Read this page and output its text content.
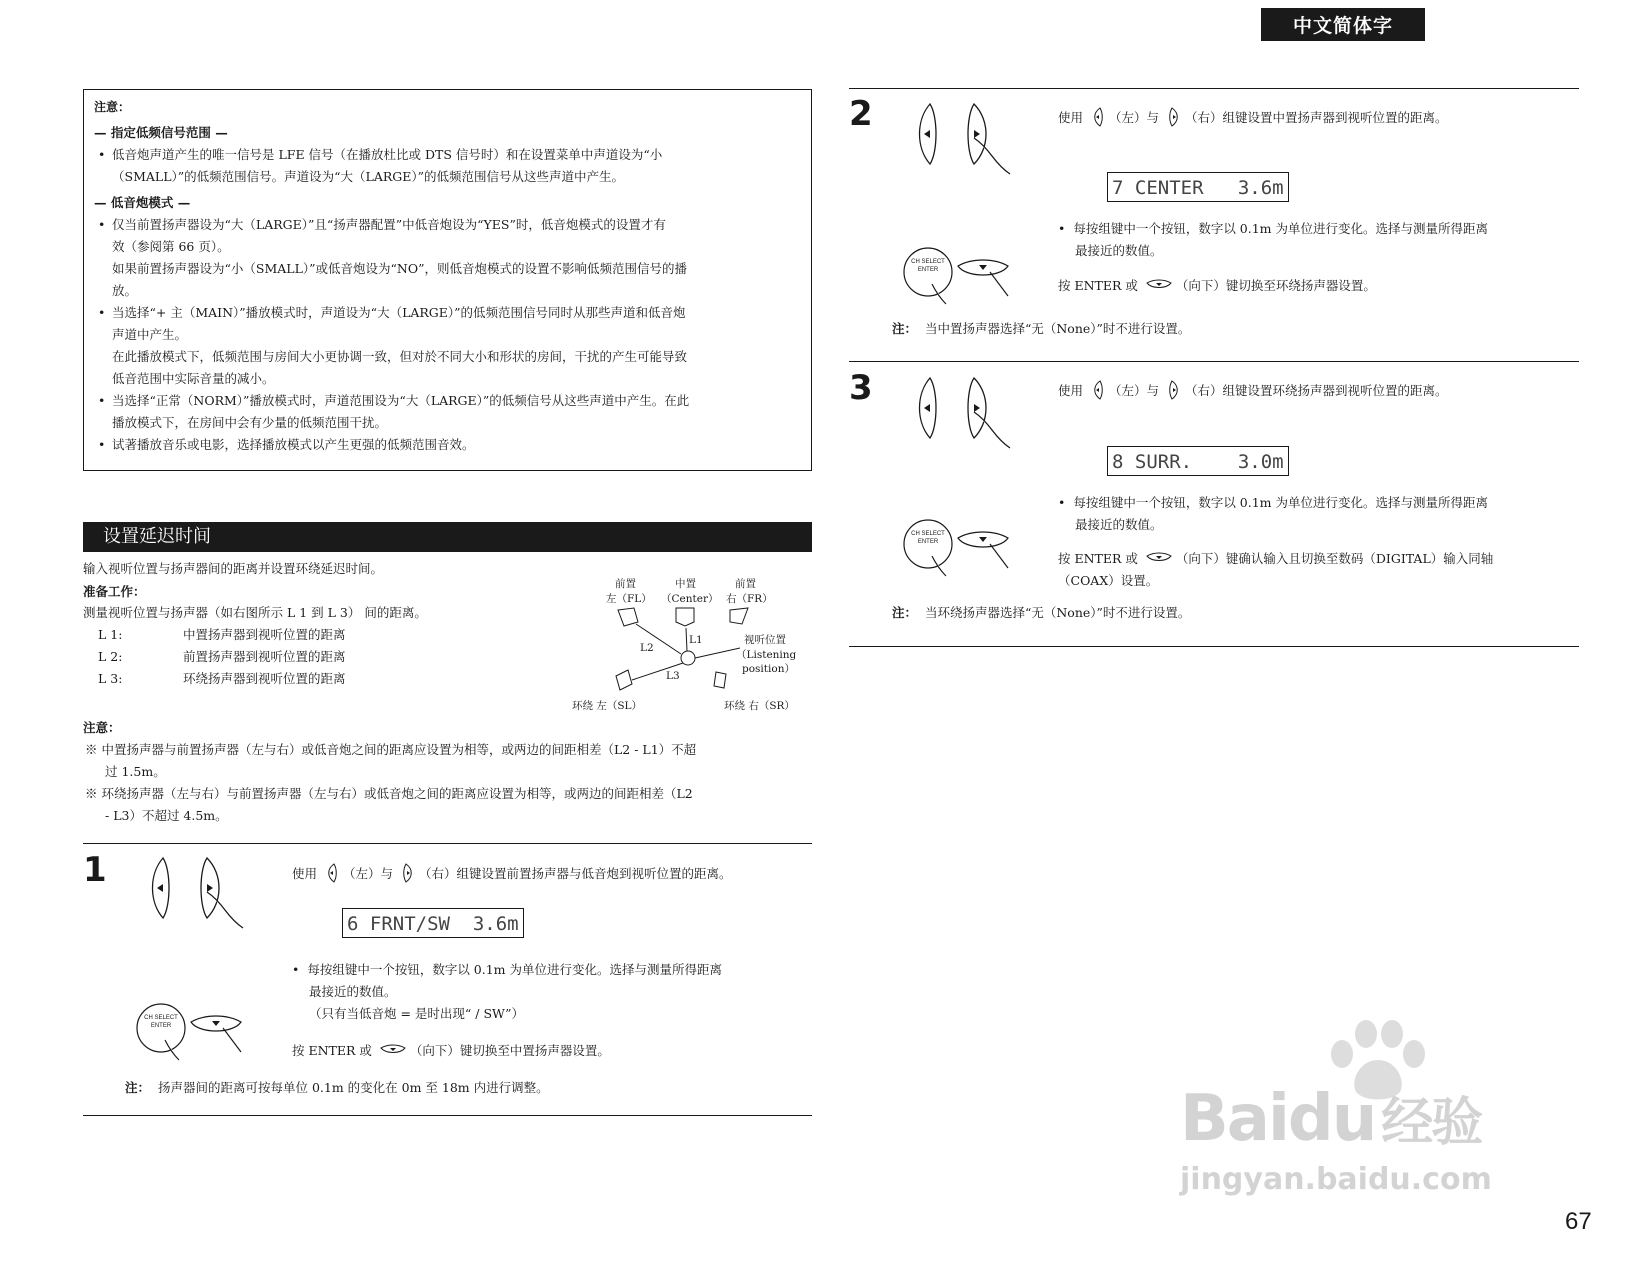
中文简体字
注意：
— 指定低频信号范围 —
• 低音炮声道产生的唯一信号是 LFE 信号（在播放杜比或 DTS 信号时）和在设置菜单中声道设为“小
（SMALL）”的低频范围信号。声道设为“大（LARGE）”的低频范围信号从这些声道中产生。
— 低音炮模式 —
• 仅当前置扬声器设为“大（LARGE）”且“扬声器配置”中低音炮设为“YES”时，低音炮模式的设置才有
效（参阅第 66 页）。
如果前置扬声器设为“小（SMALL）”或低音炮设为“NO”，则低音炮模式的设置不影响低频范围信号的播
放。
• 当选择“+ 主（MAIN）”播放模式时，声道设为“大（LARGE）”的低频范围信号同时从那些声道和低音炮
声道中产生。
在此播放模式下，低频范围与房间大小更协调一致，但对於不同大小和形状的房间，干扰的产生可能导致
低音范围中实际音量的减小。
• 当选择“正常（NORM）”播放模式时，声道范围设为“大（LARGE）”的低频信号从这些声道中产生。在此
播放模式下，在房间中会有少量的低频范围干扰。
• 试著播放音乐或电影，选择播放模式以产生更强的低频范围音效。
设置延迟时间
输入视听位置与扬声器间的距离并设置环绕延迟时间。
准备工作：
测量视听位置与扬声器（如右图所示 L 1 到 L 3） 间的距离。
L 1:	中置扬声器到视听位置的距离
L 2:	前置扬声器到视听位置的距离
L 3:	环绕扬声器到视听位置的距离
前置	中置	前置
左（FL） （Center） 右（FR）
视听位置
（Listening
position）
环绕 左（SL）	环绕 右（SR）
L2
L1
L3
注意：
※ 中置扬声器与前置扬声器（左与右）或低音炮之间的距离应设置为相等，或两边的间距相差（L2 - L1）不超
过 1.5m。
※ 环绕扬声器（左与右）与前置扬声器（左与右）或低音炮之间的距离应设置为相等，或两边的间距相差（L2
- L3）不超过 4.5m。
1	使用 （左）与 （右）组键设置前置扬声器与低音炮到视听位置的距离。
6 FRNT/SW  3.6m
•  每按组键中一个按钮，数字以 0.1m 为单位进行变化。选择与测量所得距离
最接近的数值。
（只有当低音炮 = 是时出现“ / SW”）
CH SELECT
ENTER
按 ENTER 或	（向下）键切换至中置扬声器设置。
注： 扬声器间的距离可按每单位 0.1m 的变化在 0m 至 18m 内进行调整。
2	使用 （左）与 （右）组键设置中置扬声器到视听位置的距离。
7 CENTER   3.6m
•  每按组键中一个按钮，数字以 0.1m 为单位进行变化。选择与测量所得距离
最接近的数值。
CH SELECT
ENTER
按 ENTER 或	（向下）键切换至环绕扬声器设置。
注： 当中置扬声器选择“无（None）”时不进行设置。
3	使用 （左）与 （右）组键设置环绕扬声器到视听位置的距离。
8 SURR.    3.0m
•  每按组键中一个按钮，数字以 0.1m 为单位进行变化。选择与测量所得距离
最接近的数值。
CH SELECT
ENTER
按 ENTER 或	（向下）键确认输入且切换至数码（DIGITAL）输入同轴
（COAX）设置。
注： 当环绕扬声器选择“无（None）”时不进行设置。
Baidu 经验
jingyan.baidu.com
67
